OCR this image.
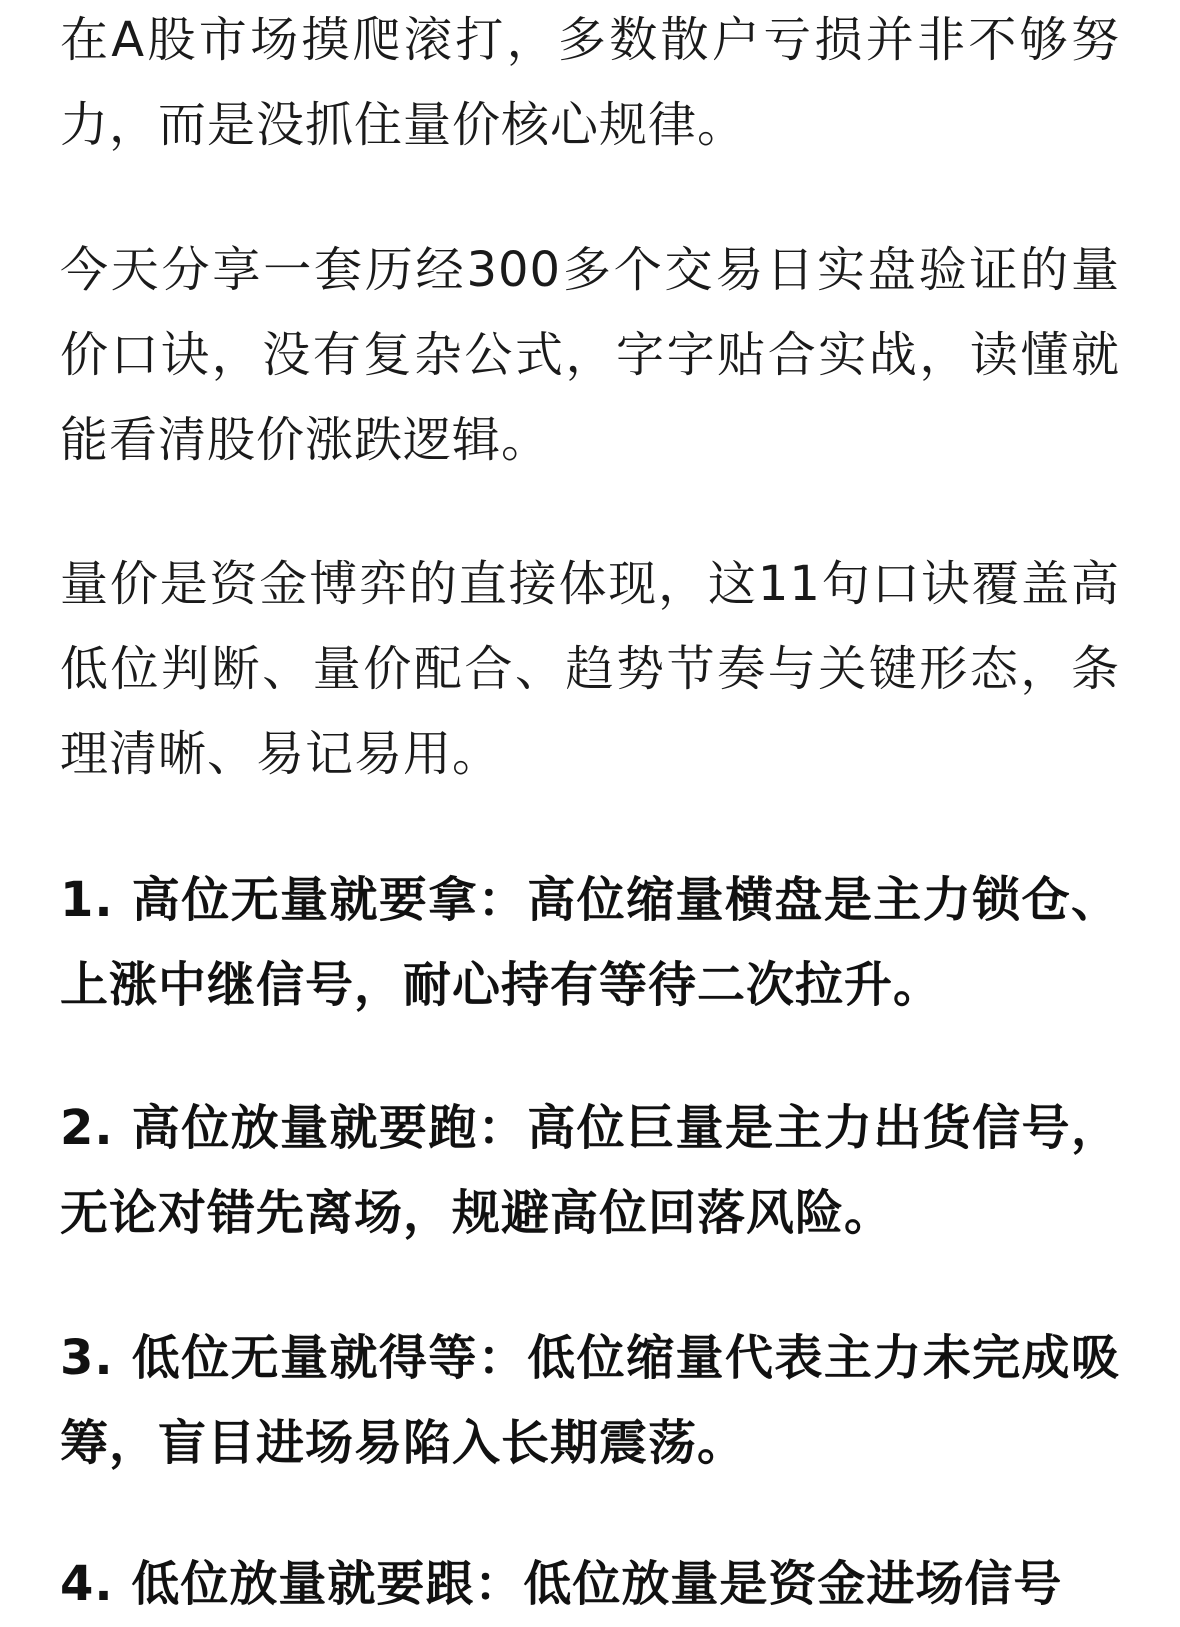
在A股市场摸爬滚打，多数散户亏损并非不够努力，而是没抓住量价核心规律。

今天分享一套历经300多个交易日实盘验证的量价口诀，没有复杂公式，字字贴合实战，读懂就能看清股价涨跌逻辑。

量价是资金博弈的直接体现，这11句口诀覆盖高低位判断、量价配合、趋势节奏与关键形态，条理清晰、易记易用。

1. 高位无量就要拿：高位缩量横盘是主力锁仓、上涨中继信号，耐心持有等待二次拉升。

2. 高位放量就要跑：高位巨量是主力出货信号，无论对错先离场，规避高位回落风险。

3. 低位无量就得等：低位缩量代表主力未完成吸筹，盲目进场易陷入长期震荡。

4. 低位放量就要跟：低位放量是资金进场信号
